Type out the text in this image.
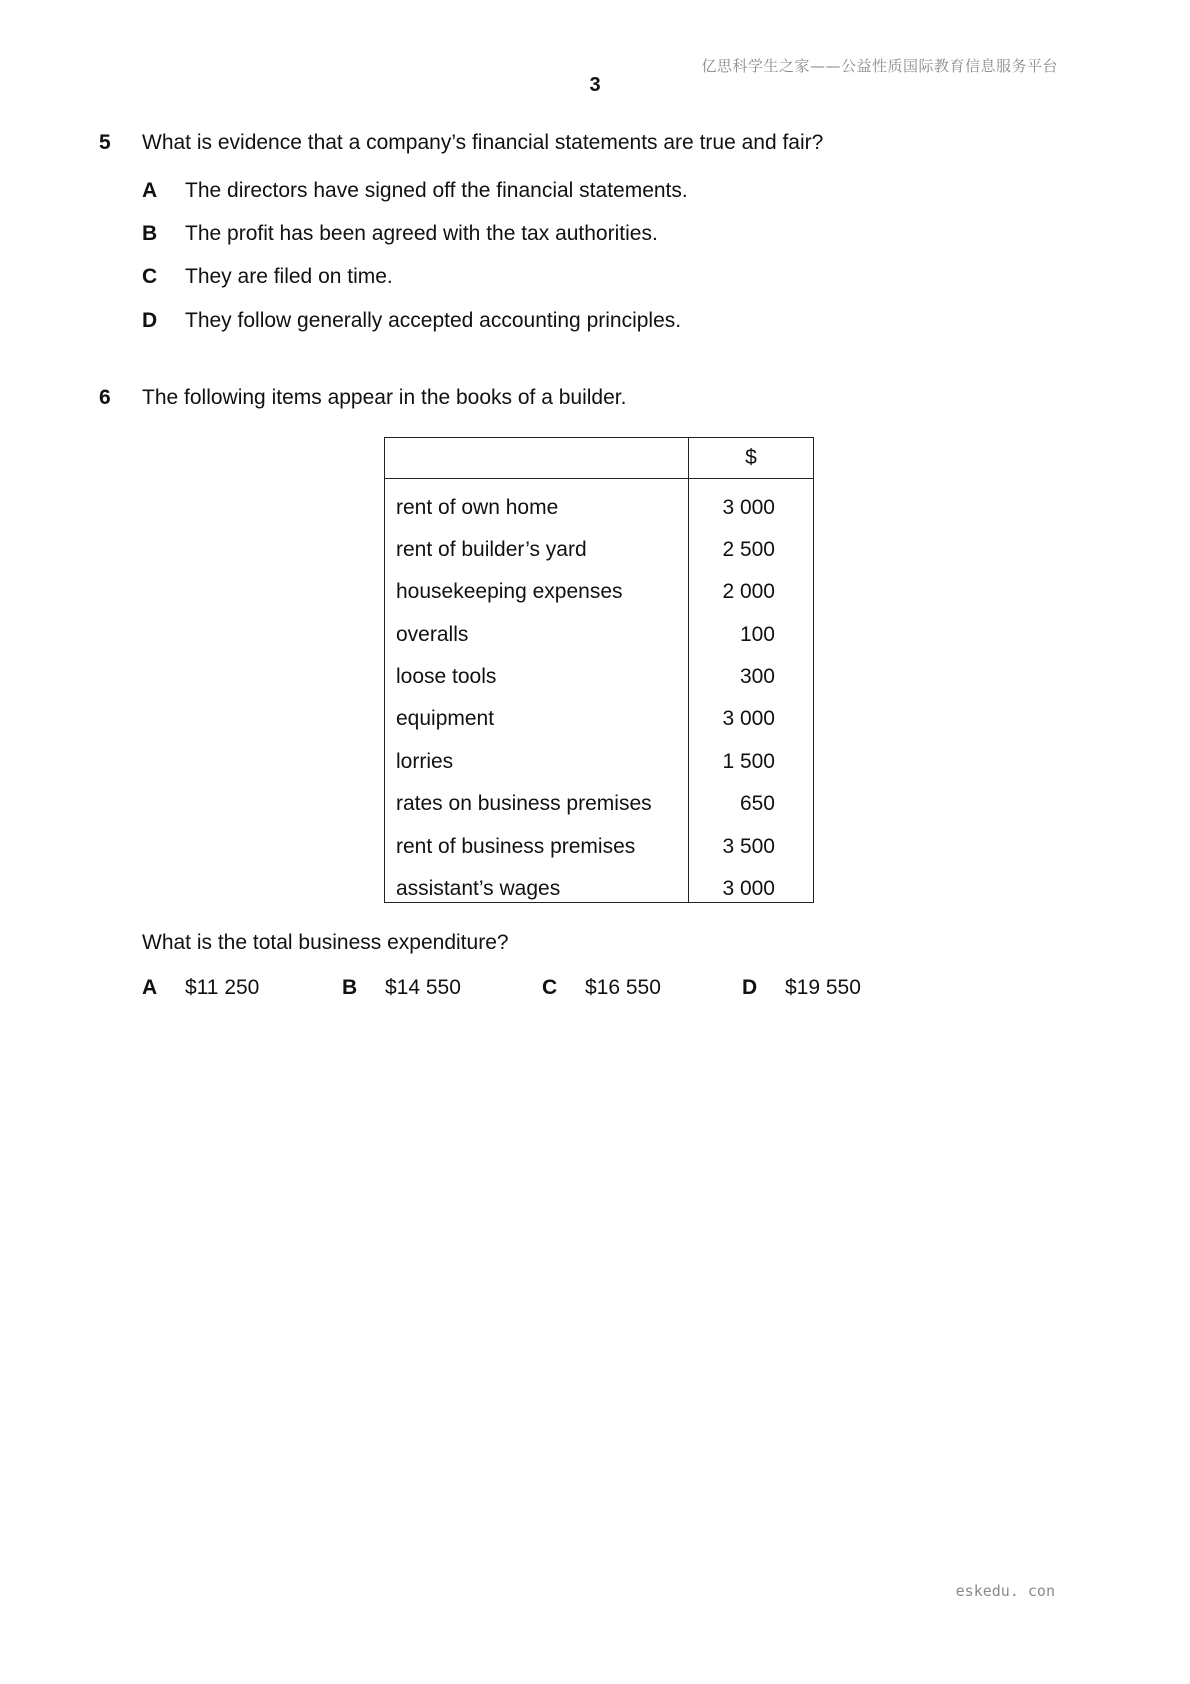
亿思科学生之家——公益性质国际教育信息服务平台
3
5 What is evidence that a company’s financial statements are true and fair?
A The directors have signed off the financial statements.
B The profit has been agreed with the tax authorities.
C They are filed on time.
D They follow generally accepted accounting principles.
6 The following items appear in the books of a builder.
$
rent of own home	3 000
rent of builder’s yard	2 500
housekeeping expenses	2 000
overalls	100
loose tools	300
equipment	3 000
lorries	1 500
rates on business premises	650
rent of business premises	3 500
assistant’s wages	3 000
What is the total business expenditure?
A $11 250	B $14 550	C $16 550	D $19 550
eskedu. con
